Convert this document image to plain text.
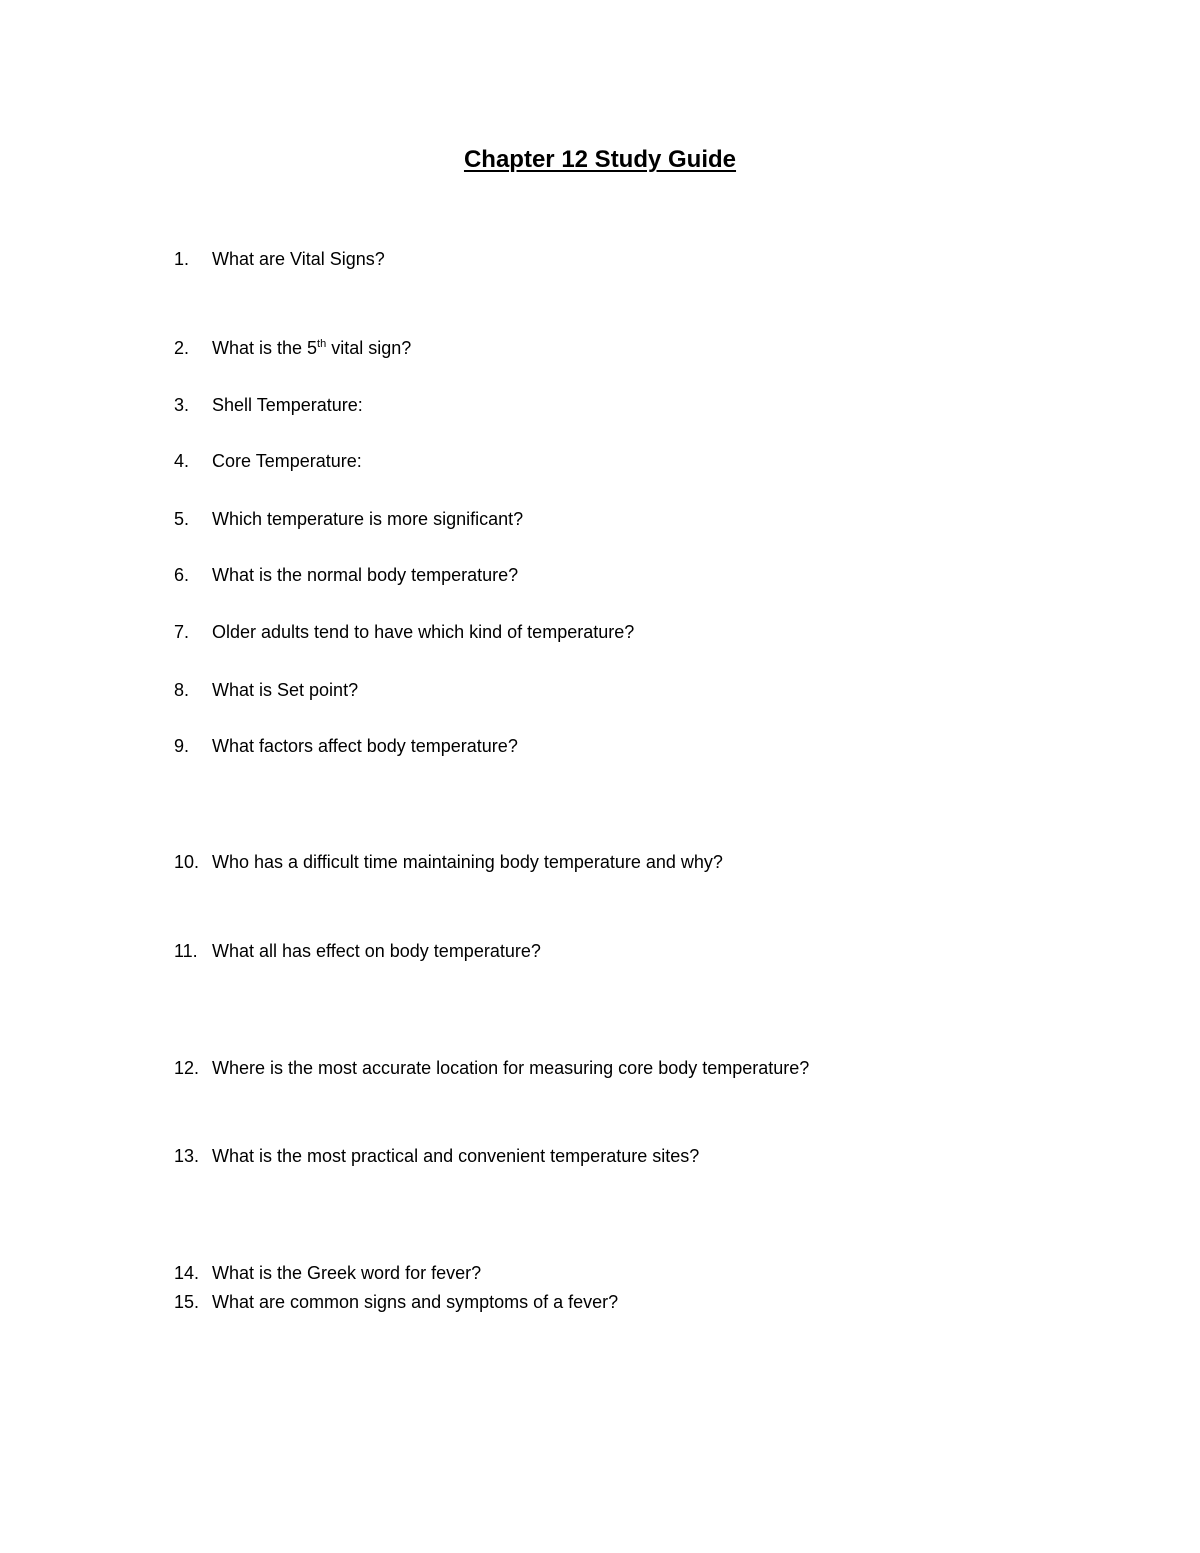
Chapter 12 Study Guide
1. What are Vital Signs?
2. What is the 5th vital sign?
3. Shell Temperature:
4. Core Temperature:
5. Which temperature is more significant?
6. What is the normal body temperature?
7. Older adults tend to have which kind of temperature?
8. What is Set point?
9. What factors affect body temperature?
10. Who has a difficult time maintaining body temperature and why?
11. What all has effect on body temperature?
12. Where is the most accurate location for measuring core body temperature?
13. What is the most practical and convenient temperature sites?
14. What is the Greek word for fever?
15. What are common signs and symptoms of a fever?
